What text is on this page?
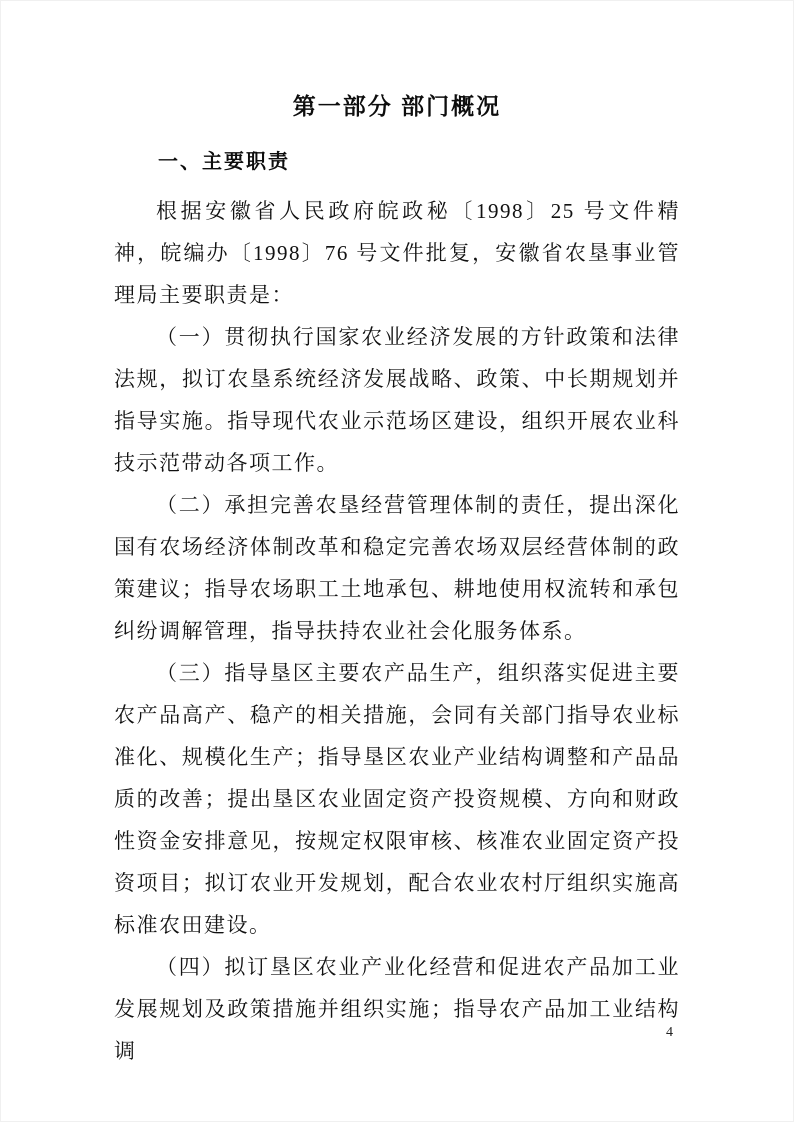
第一部分 部门概况
一、主要职责

根据安徽省人民政府皖政秘〔1998〕25 号文件精神，皖编办〔1998〕76 号文件批复，安徽省农垦事业管理局主要职责是：

（一）贯彻执行国家农业经济发展的方针政策和法律法规，拟订农垦系统经济发展战略、政策、中长期规划并指导实施。指导现代农业示范场区建设，组织开展农业科技示范带动各项工作。

（二）承担完善农垦经营管理体制的责任，提出深化国有农场经济体制改革和稳定完善农场双层经营体制的政策建议；指导农场职工土地承包、耕地使用权流转和承包纠纷调解管理，指导扶持农业社会化服务体系。

（三）指导垦区主要农产品生产，组织落实促进主要农产品高产、稳产的相关措施，会同有关部门指导农业标准化、规模化生产；指导垦区农业产业结构调整和产品品质的改善；提出垦区农业固定资产投资规模、方向和财政性资金安排意见，按规定权限审核、核准农业固定资产投资项目；拟订农业开发规划，配合农业农村厅组织实施高标准农田建设。

（四）拟订垦区农业产业化经营和促进农产品加工业发展规划及政策措施并组织实施；指导农产品加工业结构调

4
